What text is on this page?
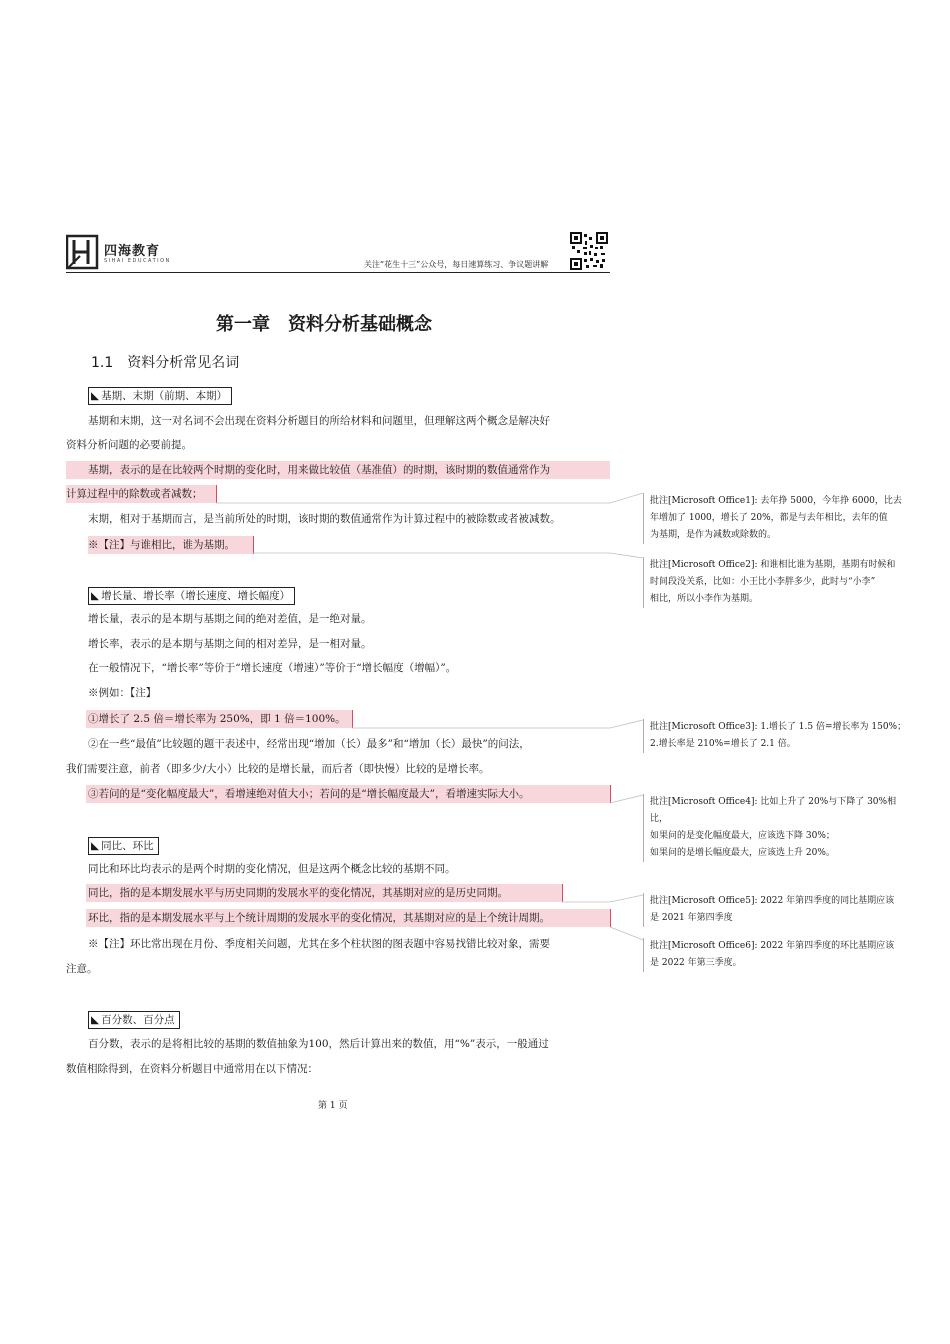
四海教育
SIHAI EDUCATION	关注“花生十三”公众号，每日速算练习、争议题讲解
第一章　资料分析基础概念
1.1　资料分析常见名词
◣ 基期、末期（前期、本期）
基期和末期，这一对名词不会出现在资料分析题目的所给材料和问题里，但理解这两个概念是解决好
资料分析问题的必要前提。
基期，表示的是在比较两个时期的变化时，用来做比较值（基准值）的时期，该时期的数值通常作为
计算过程中的除数或者减数；
末期，相对于基期而言，是当前所处的时期，该时期的数值通常作为计算过程中的被除数或者被减数。
※【注】与谁相比，谁为基期。
◣ 增长量、增长率（增长速度、增长幅度）
增长量，表示的是本期与基期之间的绝对差值，是一绝对量。
增长率，表示的是本期与基期之间的相对差异，是一相对量。
在一般情况下，“增长率”等价于“增长速度（增速）”等价于“增长幅度（增幅）”。
※例如：【注】
①增长了 2.5 倍＝增长率为 250%，即 1 倍＝100%。
②在一些“最值”比较题的题干表述中，经常出现“增加（长）最多”和“增加（长）最快”的问法，
我们需要注意，前者（即多少/大小）比较的是增长量，而后者（即快慢）比较的是增长率。
③若问的是“变化幅度最大”，看增速绝对值大小；若问的是“增长幅度最大”，看增速实际大小。
◣ 同比、环比
同比和环比均表示的是两个时期的变化情况，但是这两个概念比较的基期不同。
同比，指的是本期发展水平与历史同期的发展水平的变化情况，其基期对应的是历史同期。
环比，指的是本期发展水平与上个统计周期的发展水平的变化情况，其基期对应的是上个统计周期。
※【注】环比常出现在月份、季度相关问题，尤其在多个柱状图的图表题中容易找错比较对象，需要
注意。
◣ 百分数、百分点
百分数，表示的是将相比较的基期的数值抽象为100，然后计算出来的数值，用“%”表示，一般通过
数值相除得到，在资料分析题目中通常用在以下情况：
批注[Microsoft Office1]: 去年挣 5000，今年挣 6000，比去
年增加了 1000，增长了 20%，都是与去年相比，去年的值
为基期，是作为减数或除数的。
批注[Microsoft Office2]: 和谁相比谁为基期，基期有时候和
时间段没关系，比如：小王比小李胖多少，此时与“小李”
相比，所以小李作为基期。
批注[Microsoft Office3]: 1.增长了 1.5 倍=增长率为 150%；
2.增长率是 210%=增长了 2.1 倍。
批注[Microsoft Office4]: 比如上升了 20%与下降了 30%相
比，
如果问的是变化幅度最大，应该选下降 30%；
如果问的是增长幅度最大，应该选上升 20%。
批注[Microsoft Office5]: 2022 年第四季度的同比基期应该
是 2021 年第四季度
批注[Microsoft Office6]: 2022 年第四季度的环比基期应该
是 2022 年第三季度。
第 1 页
